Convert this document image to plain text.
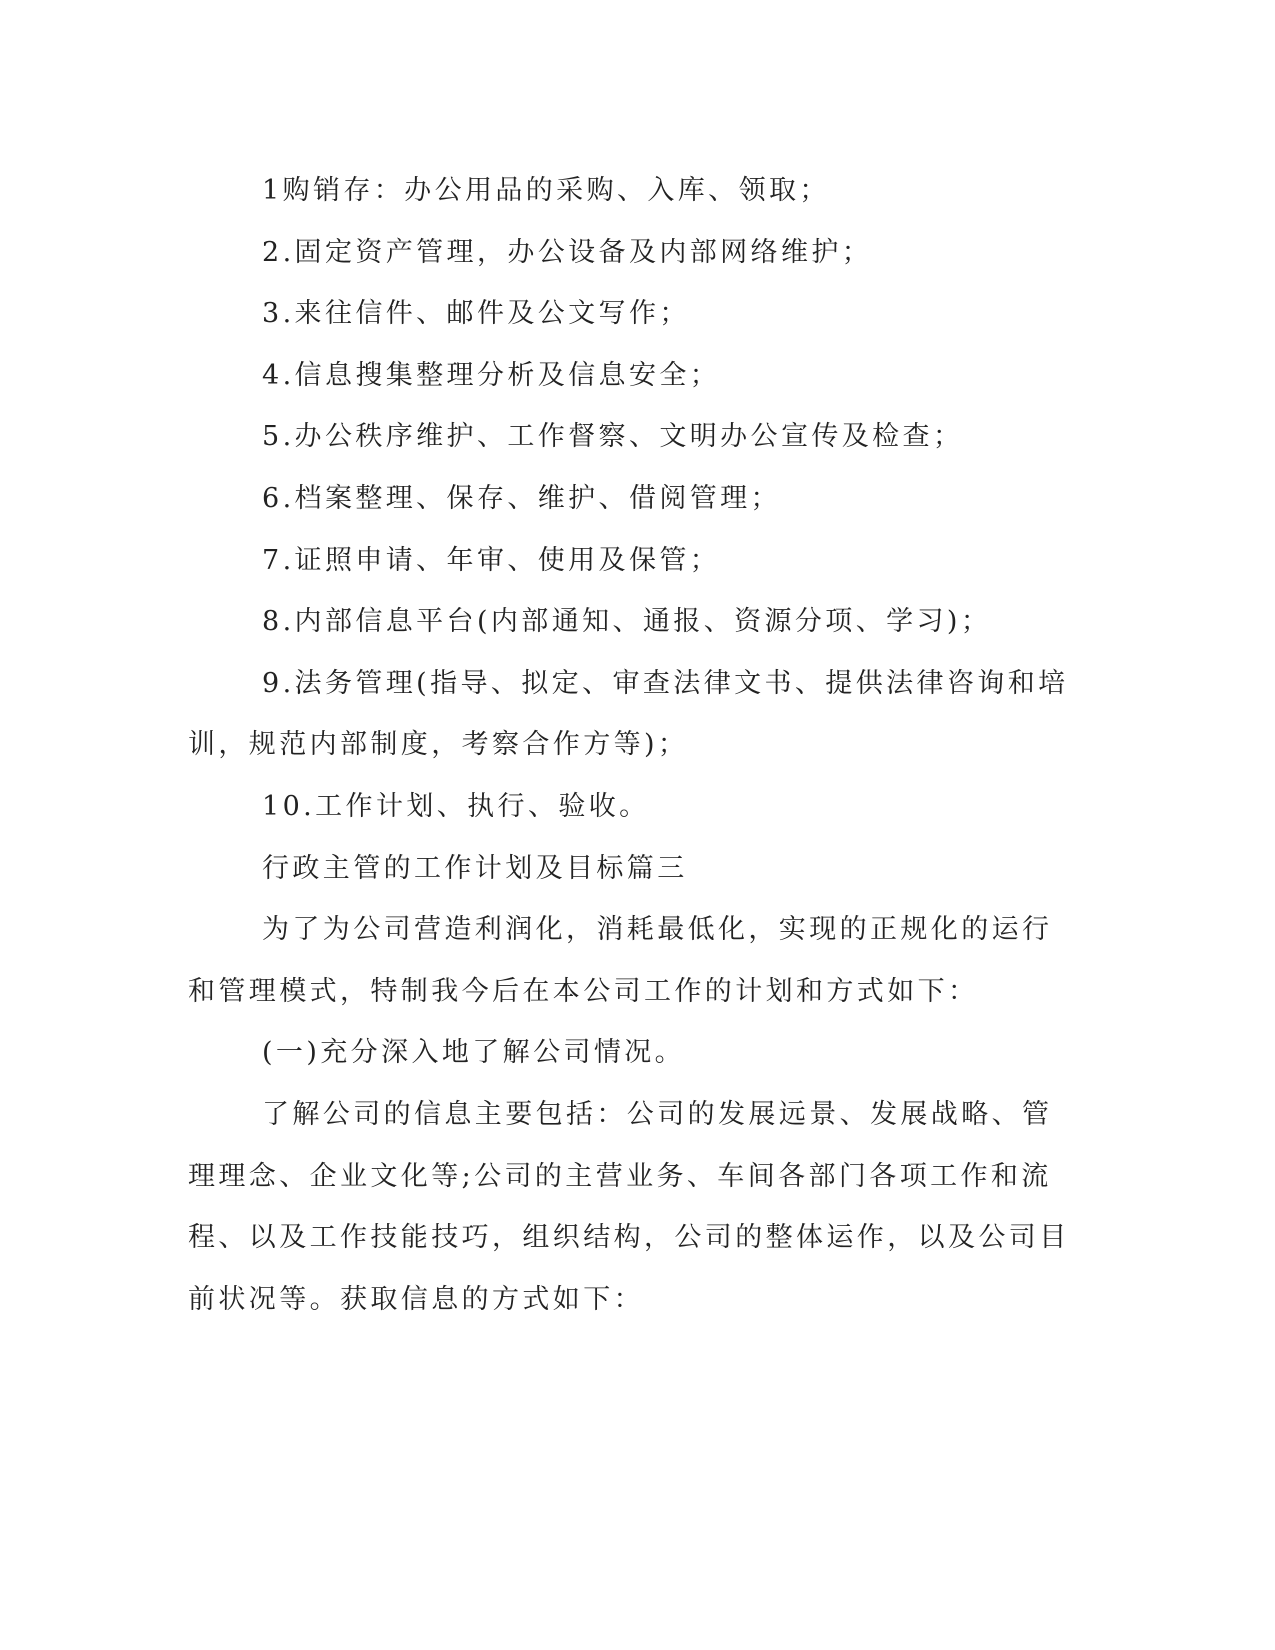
1购销存：办公用品的采购、入库、领取；

2.固定资产管理，办公设备及内部网络维护；

3.来往信件、邮件及公文写作；

4.信息搜集整理分析及信息安全；

5.办公秩序维护、工作督察、文明办公宣传及检查；

6.档案整理、保存、维护、借阅管理；

7.证照申请、年审、使用及保管；

8.内部信息平台(内部通知、通报、资源分项、学习)；

9.法务管理(指导、拟定、审查法律文书、提供法律咨询和培训，规范内部制度，考察合作方等)；

10.工作计划、执行、验收。

行政主管的工作计划及目标篇三

为了为公司营造利润化，消耗最低化，实现的正规化的运行和管理模式，特制我今后在本公司工作的计划和方式如下：

(一)充分深入地了解公司情况。

了解公司的信息主要包括：公司的发展远景、发展战略、管理理念、企业文化等;公司的主营业务、车间各部门各项工作和流程、以及工作技能技巧，组织结构，公司的整体运作，以及公司目前状况等。获取信息的方式如下：
